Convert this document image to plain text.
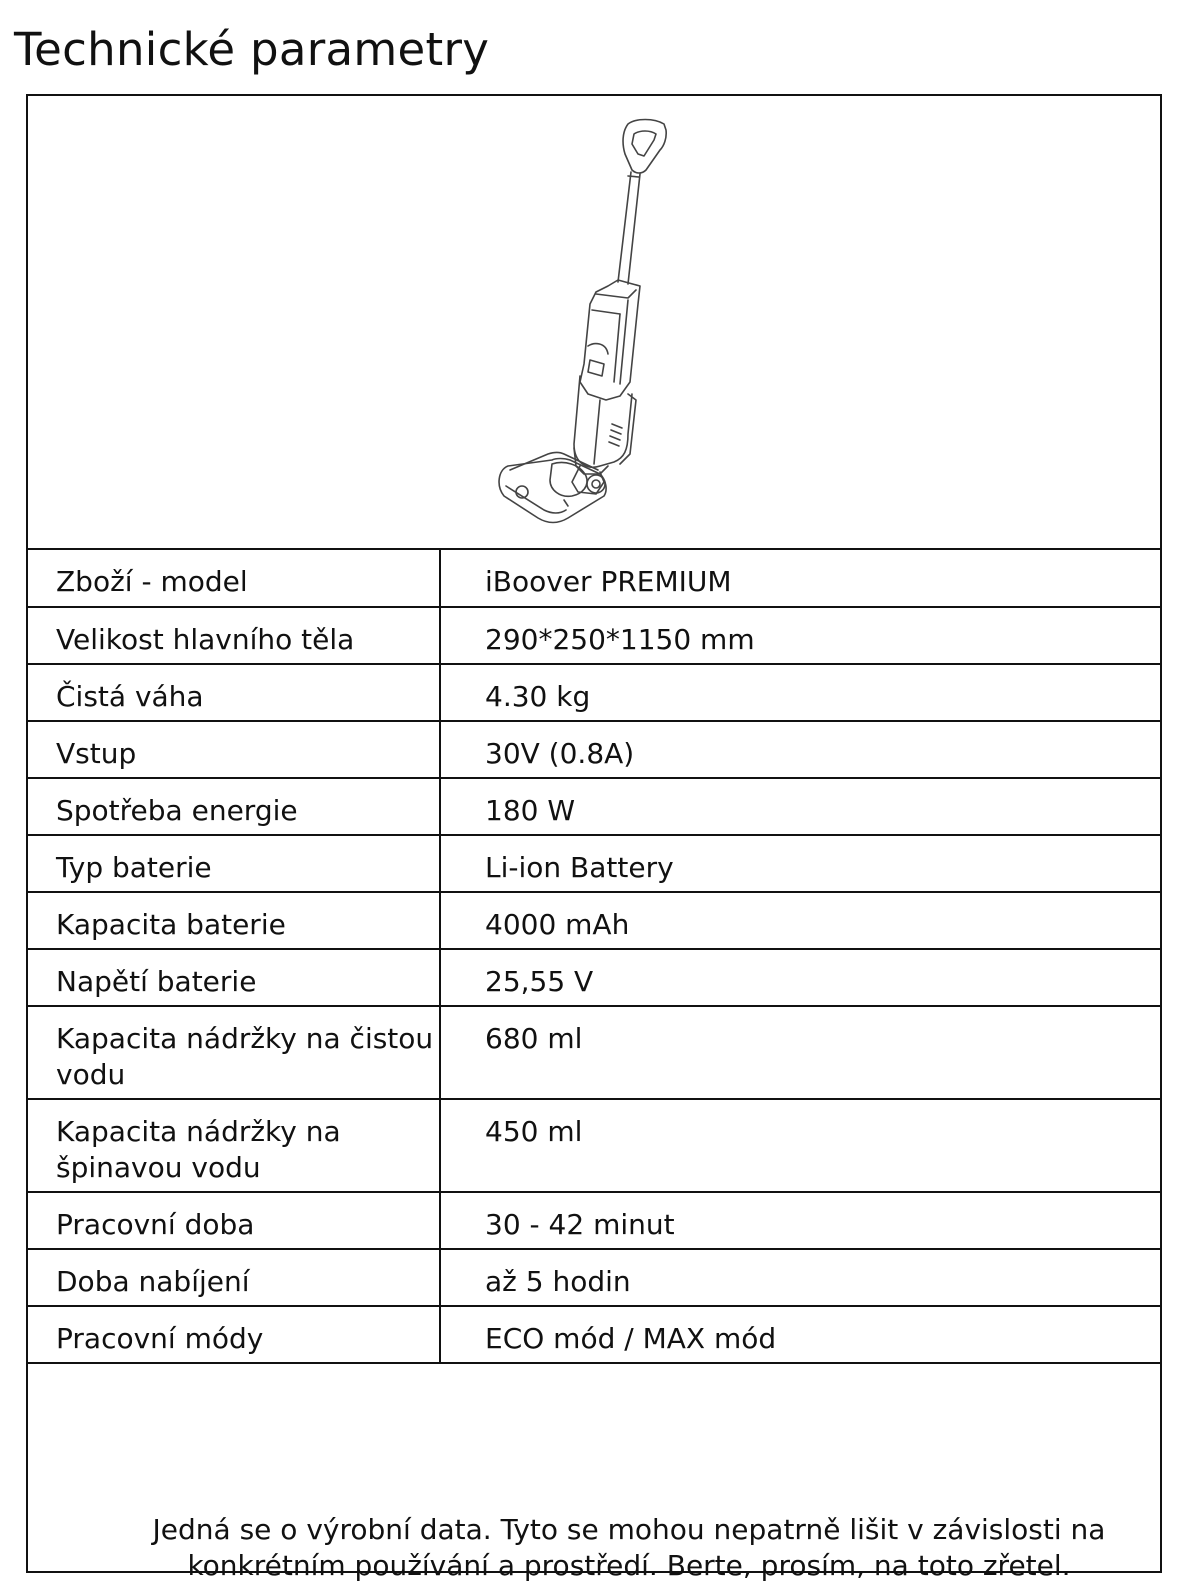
Technické parametry
Zboží - model	iBoover PREMIUM
Velikost hlavního těla	290*250*1150 mm
Čistá váha	4.30 kg
Vstup	30V (0.8A)
Spotřeba energie	180 W
Typ baterie	Li-ion Battery
Kapacita baterie	4000 mAh
Napětí baterie	25,55 V
Kapacita nádržky na čistou vodu	680 ml
Kapacita nádržky na špinavou vodu	450 ml
Pracovní doba	30 - 42 minut
Doba nabíjení	až 5 hodin
Pracovní módy	ECO mód / MAX mód
Jedná se o výrobní data. Tyto se mohou nepatrně lišit v závislosti na
konkrétním používání a prostředí. Berte, prosím, na toto zřetel.
